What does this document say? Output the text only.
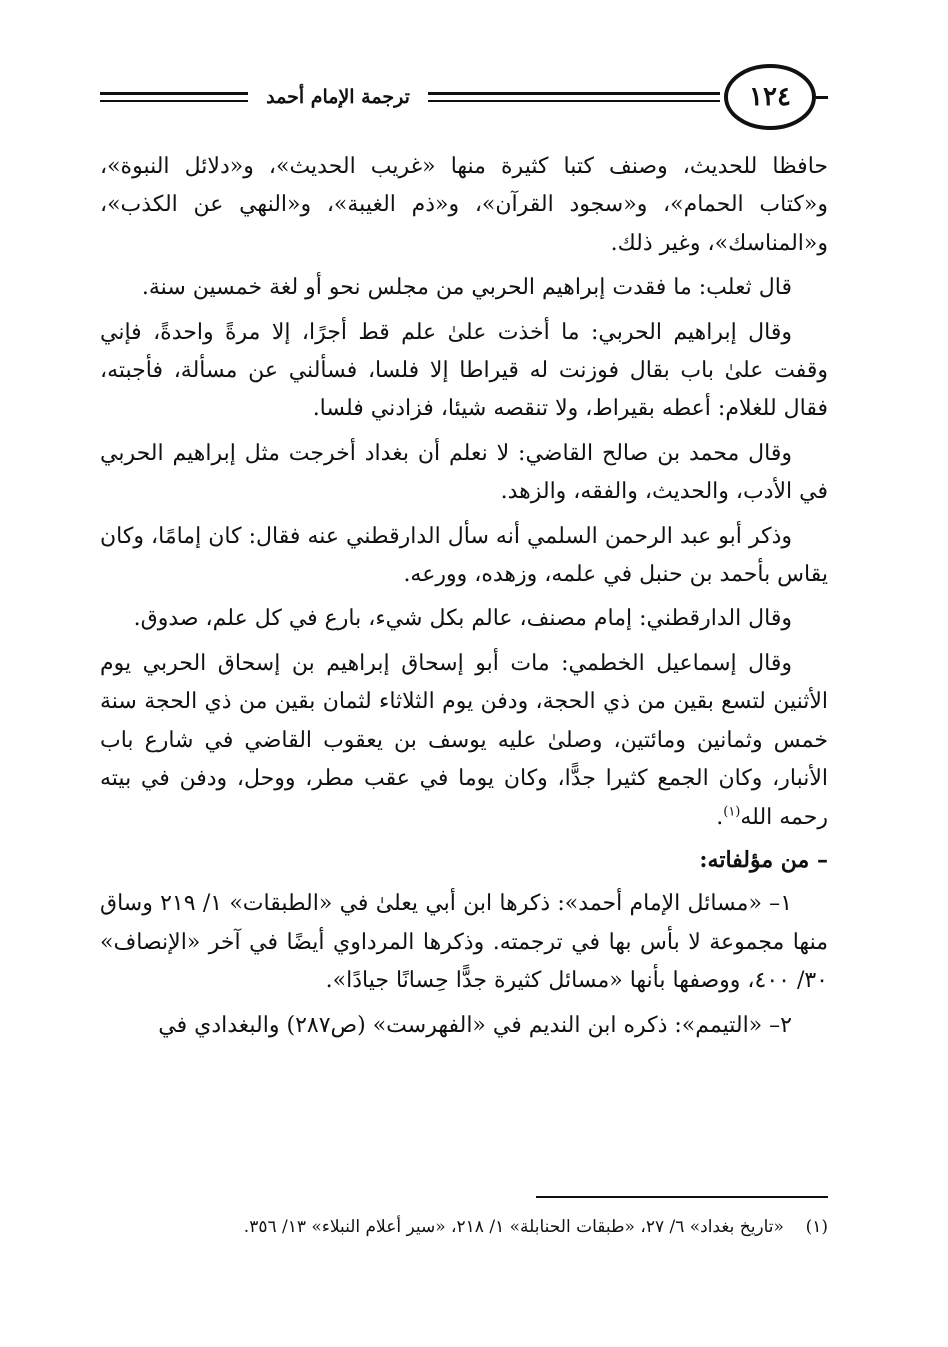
ترجمة الإمام أحمد	١٢٤

حافظا للحديث، وصنف كتبا كثيرة منها «غريب الحديث»، و«دلائل النبوة»، و«كتاب الحمام»، و«سجود القرآن»، و«ذم الغيبة»، و«النهي عن الكذب»، و«المناسك»، وغير ذلك.

قال ثعلب: ما فقدت إبراهيم الحربي من مجلس نحو أو لغة خمسين سنة.

وقال إبراهيم الحربي: ما أخذت علىٰ علم قط أجرًا، إلا مرةً واحدةً، فإني وقفت علىٰ باب بقال فوزنت له قيراطا إلا فلسا، فسألني عن مسألة، فأجبته، فقال للغلام: أعطه بقيراط، ولا تنقصه شيئا، فزادني فلسا.

وقال محمد بن صالح القاضي: لا نعلم أن بغداد أخرجت مثل إبراهيم الحربي في الأدب، والحديث، والفقه، والزهد.

وذكر أبو عبد الرحمن السلمي أنه سأل الدارقطني عنه فقال: كان إمامًا، وكان يقاس بأحمد بن حنبل في علمه، وزهده، وورعه.

وقال الدارقطني: إمام مصنف، عالم بكل شيء، بارع في كل علم، صدوق.

وقال إسماعيل الخطمي: مات أبو إسحاق إبراهيم بن إسحاق الحربي يوم الأثنين لتسع بقين من ذي الحجة، ودفن يوم الثلاثاء لثمان بقين من ذي الحجة سنة خمس وثمانين ومائتين، وصلىٰ عليه يوسف بن يعقوب القاضي في شارع باب الأنبار، وكان الجمع كثيرا جدًّا، وكان يوما في عقب مطر، ووحل، ودفن في بيته رحمه الله$^{(١)}$.

– من مؤلفاته:

١– «مسائل الإمام أحمد»: ذكرها ابن أبي يعلىٰ في «الطبقات» ١/ ٢١٩ وساق منها مجموعة لا بأس بها في ترجمته. وذكرها المرداوي أيضًا في آخر «الإنصاف» ٣٠/ ٤٠٠، ووصفها بأنها «مسائل كثيرة جدًّا حِسانًا جيادًا».

٢– «التيمم»: ذكره ابن النديم في «الفهرست» (ص٢٨٧) والبغدادي في

(١)    «تاريخ بغداد» ٦/ ٢٧، «طبقات الحنابلة» ١/ ٢١٨، «سير أعلام النبلاء» ١٣/ ٣٥٦.
